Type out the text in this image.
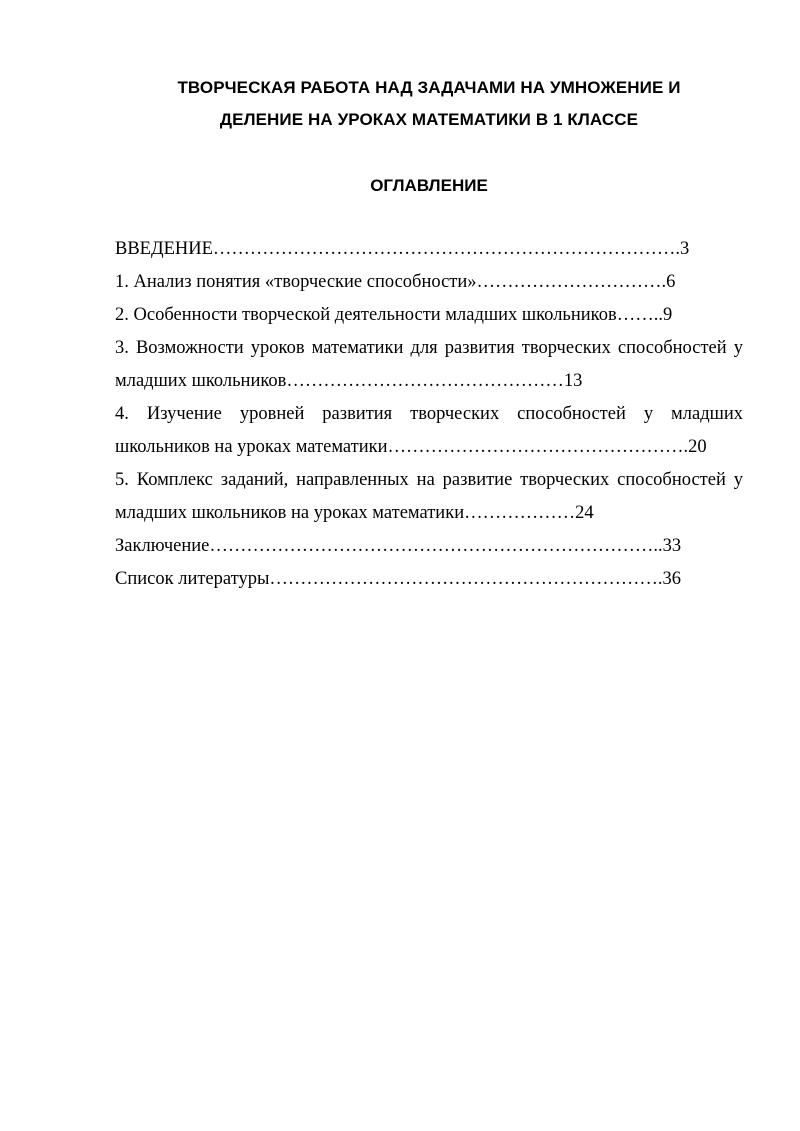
ТВОРЧЕСКАЯ РАБОТА НАД ЗАДАЧАМИ НА УМНОЖЕНИЕ И
ДЕЛЕНИЕ НА УРОКАХ МАТЕМАТИКИ В 1 КЛАССЕ
ОГЛАВЛЕНИЕ

ВВЕДЕНИЕ………………………………………………………………….3

1. Анализ понятия «творческие способности»………………………….6

2. Особенности творческой деятельности младших школьников……..9

3. Возможности уроков математики для развития творческих способностей у младших школьников………………………………………13

4. Изучение уровней развития творческих способностей у младших школьников на уроках математики………………………………………….20

5. Комплекс заданий, направленных на развитие творческих способностей у младших школьников на уроках математики………………24

Заключение………………………………………………………………..33

Список литературы……………………………………………………….36
